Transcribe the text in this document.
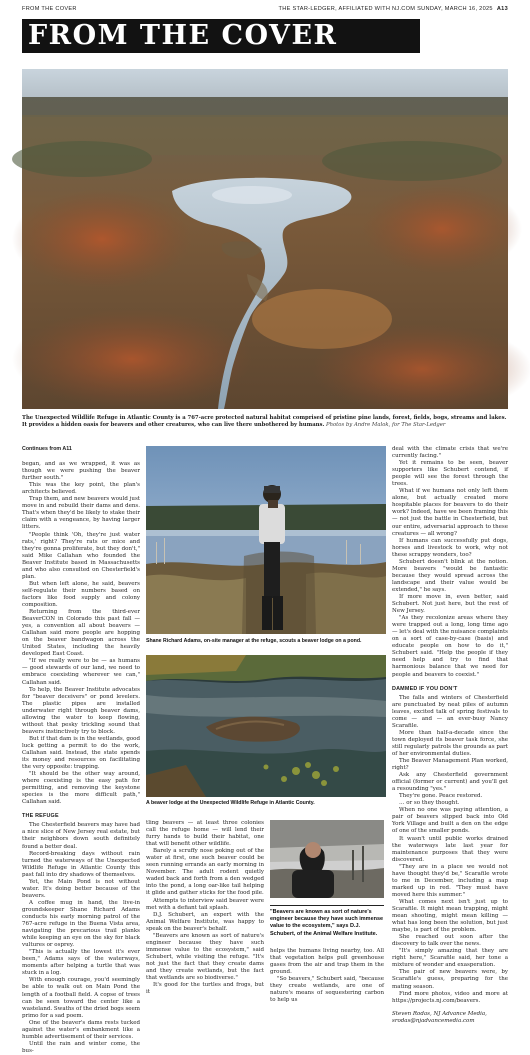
FROM THE COVER	THE STAR-LEDGER, AFFILIATED WITH NJ.COM SUNDAY, MARCH 16, 2025 A13
FROM THE COVER
The Unexpected Wildlife Refuge in Atlantic County is a 767-acre protected natural habitat comprised of pristine pine lands, forest, fields, bogs, streams and lakes. It provides a hidden oasis for beavers and other creatures, who can live there unbothered by humans. Photos by Andre Malok, for The Star-Ledger
Continues from A11

began, and as we wrapped, it was as though we were pushing the beaver further south."

This was the key point, the plan's architects believed.

Trap them, and new beavers would just move in and rebuild their dams and dens. That's when they'd be likely to stake their claim with a vengeance, by having larger litters.

"People think 'Oh, they're just water rats,' right? They're rats or mice and they're gonna proliferate, but they don't," said Mike Callahan who founded the Beaver Institute based in Massachusetts and who also consulted on Chesterfield's plan.

But when left alone, he said, beavers self-regulate their numbers based on factors like food supply and colony composition.

Returning from the third-ever BeaverCON in Colorado this past fall — yes, a convention all about beavers — Callahan said more people are hopping on the beaver bandwagon across the United States, including the heavily developed East Coast.

"If we really were to be — as humans — good stewards of our land, we need to embrace coexisting wherever we can," Callahan said.

To help, the Beaver Institute advocates for "beaver deceivers" or pond levelers. The plastic pipes are installed underwater right through beaver dams, allowing the water to keep flowing, without that pesky trickling sound that beavers instinctively try to block.

But if that dam is in the wetlands, good luck getting a permit to do the work, Callahan said. Instead, the state spends its money and resources on facilitating the very opposite: trapping.

"It should be the other way around, where coexisting is the easy path for permitting, and removing the keystone species is the more difficult path," Callahan said.

THE REFUGE

The Chesterfield beavers may have had a nice slice of New Jersey real estate, but their neighbors down south definitely found a better deal.

Record-breaking days without rain turned the waterways of the Unexpected Wildlife Refuge in Atlantic County this past fall into dry shadows of themselves.

Yet, the Main Pond is not without water. It's doing better because of the beavers.

A coffee mug in hand, the live-in groundskeeper Shane Richard Adams conducts his early morning patrol of the 767-acre refuge in the Buena Vista area, navigating the precarious trail planks while keeping an eye on the sky for black vultures or osprey.

"This is actually the lowest it's ever been," Adams says of the waterways, moments after helping a turtle that was stuck in a log.

With enough courage, you'd seemingly be able to walk out on Main Pond the length of a football field. A copse of trees can be seen toward the center like a wasteland. Swaths of the dried bogs seem primo for a sad poem.

One of the beaver's dams rests tucked against the water's embankment like a humble advertisement of their services.

Until the rain and winter come, the bus-

Shane Richard Adams, on-site manager at the refuge, scouts a beaver lodge on a pond.
A beaver lodge at the Unexpected Wildlife Refuge in Atlantic County.

tling beavers — at least three colonies call the refuge home — will lend their furry hands to build their habitat, one that will benefit other wildlife.

Barely a scruffy nose poking out of the water at first, one such beaver could be seen running errands an early morning in November. The adult rodent quietly waded back and forth from a den wedged into the pond, a long oar-like tail helping it glide and gather sticks for the food pile.

Attempts to interview said beaver were met with a defiant tail splash.

D.J. Schubert, an expert with the Animal Welfare Institute, was happy to speak on the beaver's behalf.

"Beavers are known as sort of nature's engineer because they have such immense value to the ecosystem," said Schubert, while visiting the refuge. "It's not just the fact that they create dams and they create wetlands, but the fact that wetlands are so biodiverse."

It's good for the turtles and frogs, but it

"Beavers are known as sort of nature's engineer because they have such immense value to the ecosystem," says D.J. Schubert, of the Animal Welfare Institute.

helps the humans living nearby, too. All that vegetation helps pull greenhouse gases from the air and trap them in the ground.

"So beavers," Schubert said, "because they create wetlands, are one of nature's means of sequestering carbon to help us

deal with the climate crisis that we're currently facing."

Yet it remains to be seen, beaver supporters like Schubert contend, if people will see the forest through the trees.

What if we humans not only left them alone, but actually created more hospitable places for beavers to do their work? Indeed, have we been framing this — not just the battle in Chesterfield, but our entire, adversarial approach to these creatures — all wrong?

If humans can successfully put dogs, horses and livestock to work, why not these scrappy wonders, too?

Schubert doesn't blink at the notion. More beavers "would be fantastic because they would spread across the landscape and their value would be extended," he says.

If more move in, even better, said Schubert. Not just here, but the rest of New Jersey.

"As they recolonize areas where they were trapped out a long, long time ago — let's deal with the nuisance complaints on a sort of case-by-case (basis) and educate people on how to do it," Schubert said. "Help the people if they need help and try to find that harmonious balance that we need for people and beavers to coexist."

DAMMED IF YOU DON'T

The falls and winters of Chesterfield are punctuated by neat piles of autumn leaves, excited talk of spring festivals to come — and — an ever-busy Nancy Scarafile.

More than half-a-decade since the town deployed its beaver task force, she still regularly patrols the grounds as part of her environmental duties.

The Beaver Management Plan worked, right?

Ask any Chesterfield government official (former or current) and you'll get a resounding "yes."

They're gone. Peace restored.

… or so they thought.

When no one was paying attention, a pair of beavers slipped back into Old York Village and built a den on the edge of one of the smaller ponds.

It wasn't until public works drained the waterways late last year for maintenance purposes that they were discovered.

"They are in a place we would not have thought they'd be," Scarafile wrote to me in December, including a map marked up in red. "They must have moved here this summer."

What comes next isn't just up to Scarafile. It might mean trapping, might mean shooting, might mean killing — what has long been the solution, but just maybe, is part of the problem.

She reached out soon after the discovery to talk over the news.

"It's simply amazing that they are right here," Scarafile said, her tone a mixture of wonder and exasperation.

The pair of new beavers were, by Scarafile's guess, preparing for the mating season.

Find more photos, video and more at https://projects.nj.com/beavers.

Steven Rodas, NJ Advance Media,

srodas@njadvancemedia.com
